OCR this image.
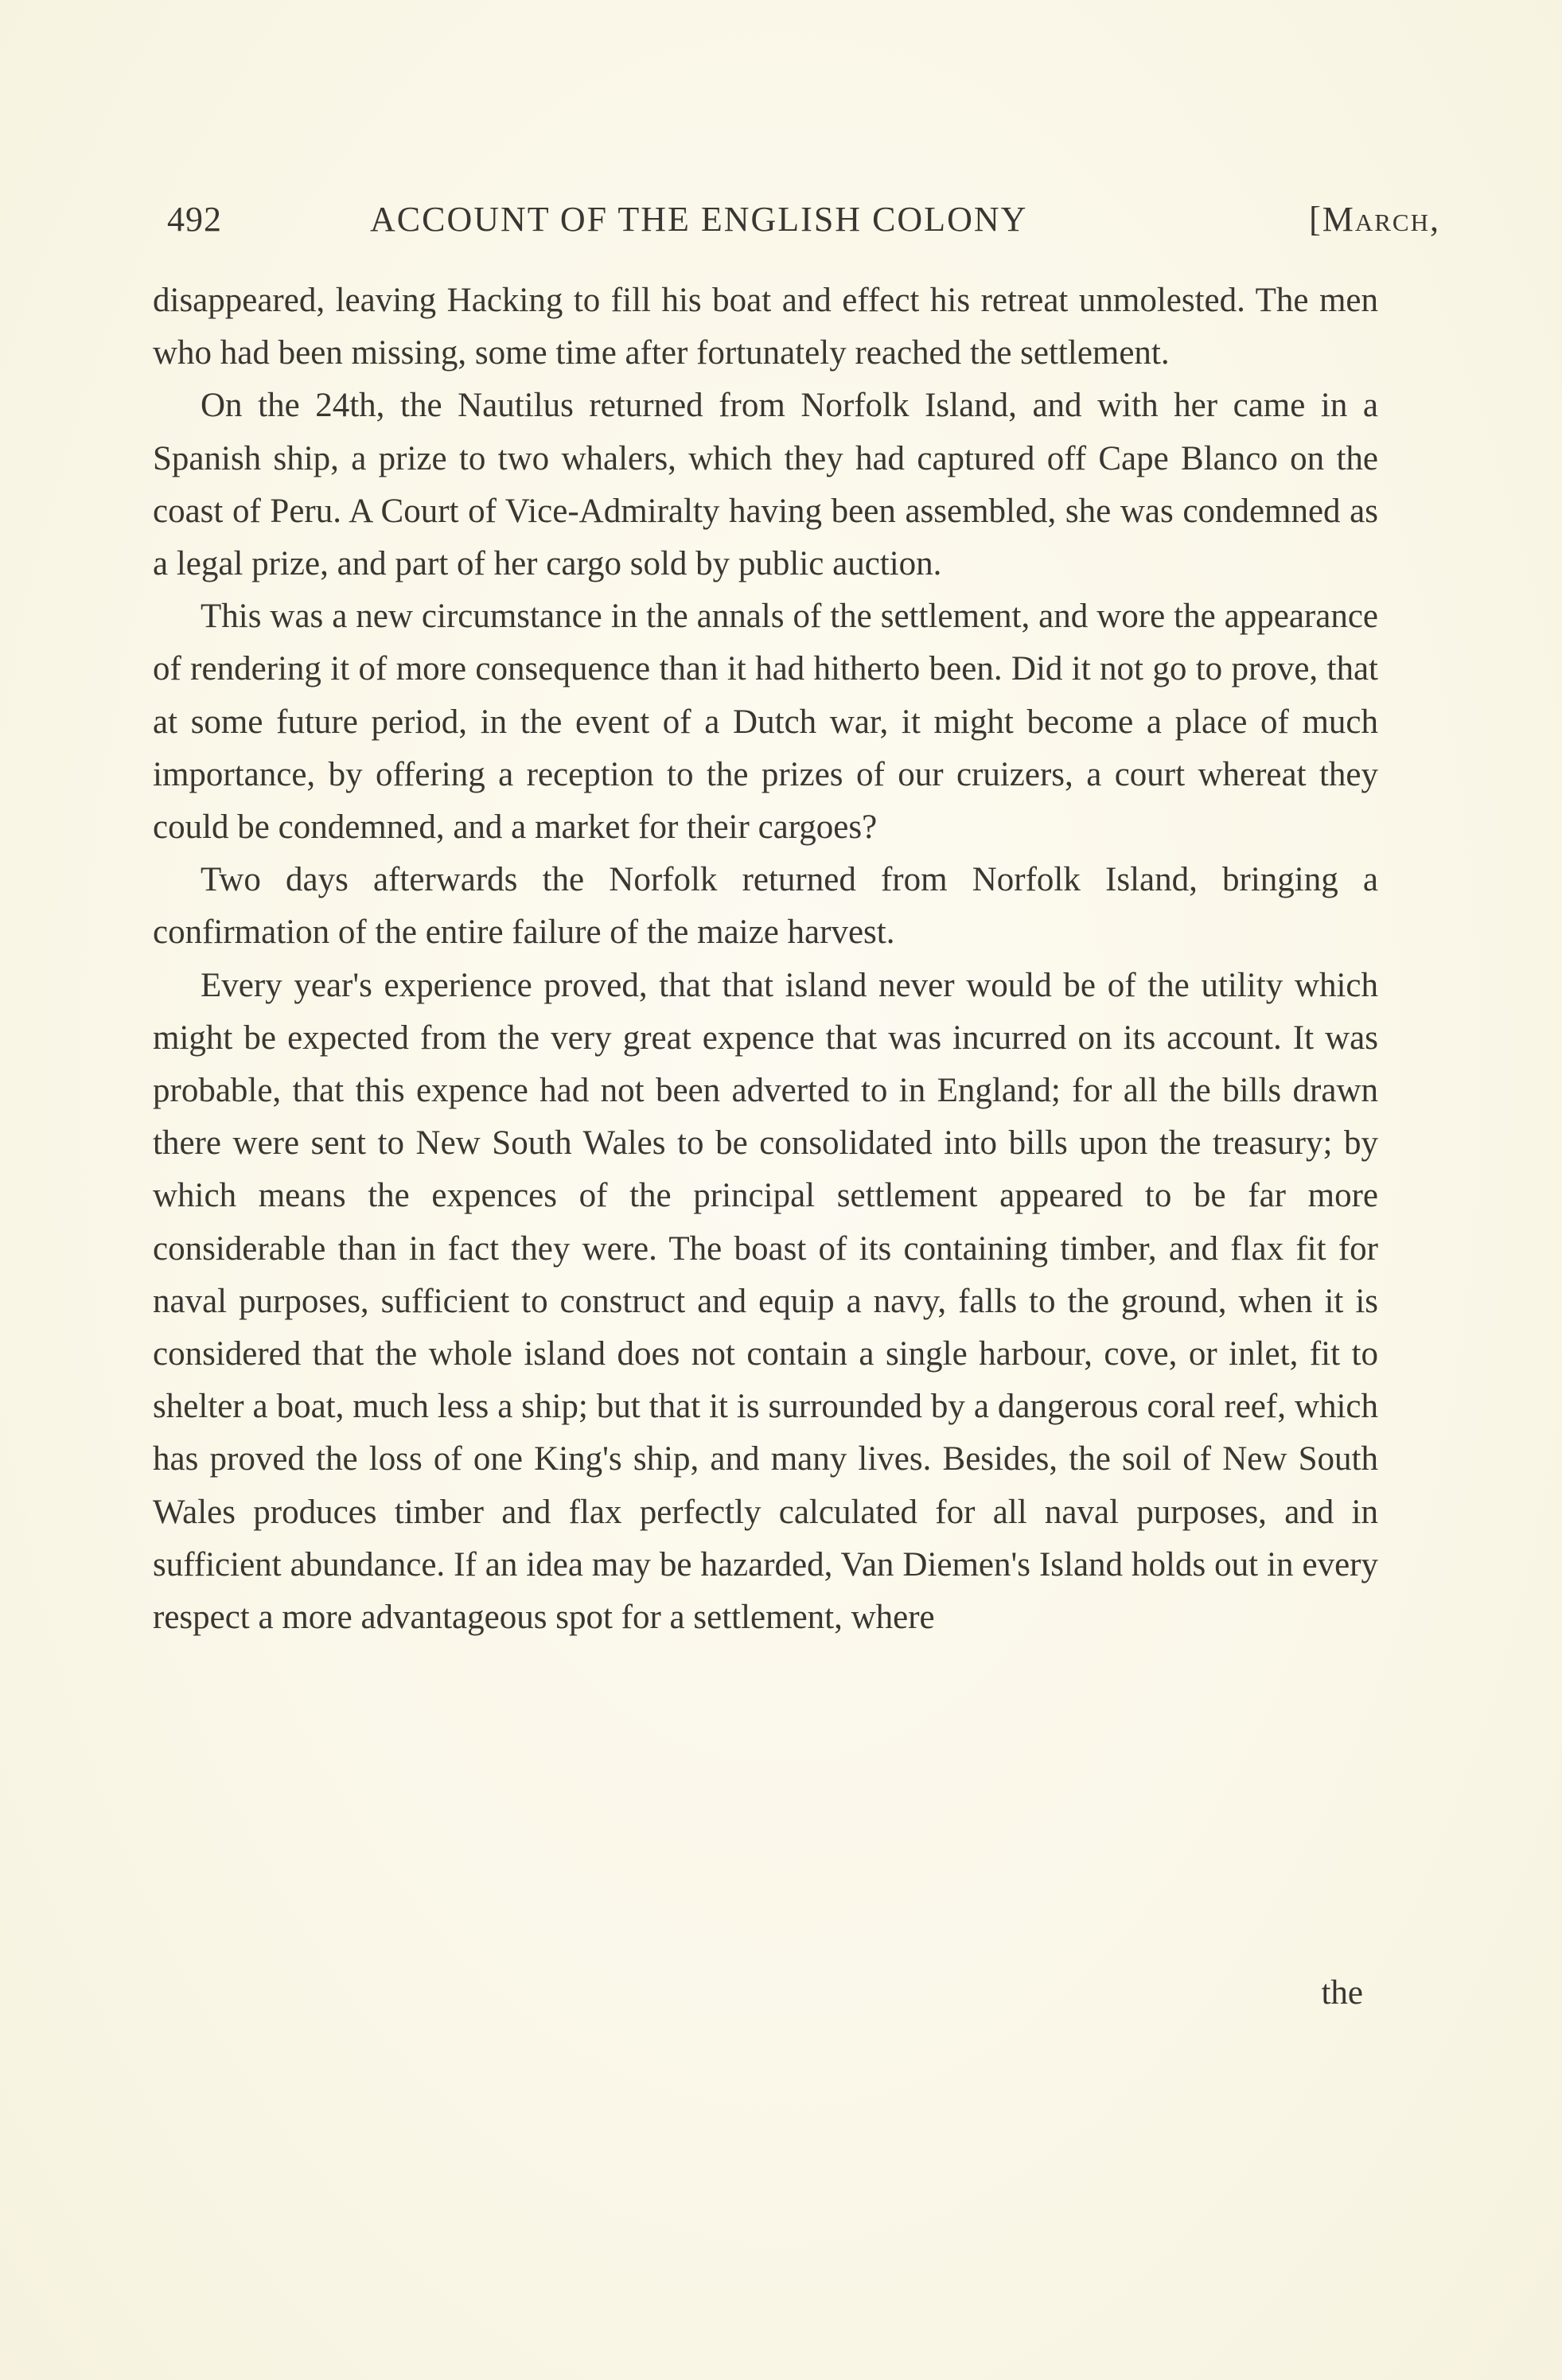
492	ACCOUNT OF THE ENGLISH COLONY	[March,

disappeared, leaving Hacking to fill his boat and effect his retreat unmolested. The men who had been missing, some time after fortunately reached the settlement.

On the 24th, the Nautilus returned from Norfolk Island, and with her came in a Spanish ship, a prize to two whalers, which they had captured off Cape Blanco on the coast of Peru. A Court of Vice-Admiralty having been assembled, she was condemned as a legal prize, and part of her cargo sold by public auction.

This was a new circumstance in the annals of the settlement, and wore the appearance of rendering it of more consequence than it had hitherto been. Did it not go to prove, that at some future period, in the event of a Dutch war, it might become a place of much importance, by offering a reception to the prizes of our cruizers, a court whereat they could be condemned, and a market for their cargoes?

Two days afterwards the Norfolk returned from Norfolk Island, bringing a confirmation of the entire failure of the maize harvest.

Every year's experience proved, that that island never would be of the utility which might be expected from the very great expence that was incurred on its account. It was probable, that this expence had not been adverted to in England; for all the bills drawn there were sent to New South Wales to be consolidated into bills upon the treasury; by which means the expences of the principal settlement appeared to be far more considerable than in fact they were. The boast of its containing timber, and flax fit for naval purposes, sufficient to construct and equip a navy, falls to the ground, when it is considered that the whole island does not contain a single harbour, cove, or inlet, fit to shelter a boat, much less a ship; but that it is surrounded by a dangerous coral reef, which has proved the loss of one King's ship, and many lives. Besides, the soil of New South Wales produces timber and flax perfectly calculated for all naval purposes, and in sufficient abundance. If an idea may be hazarded, Van Diemen's Island holds out in every respect a more advantageous spot for a settlement, where

the
